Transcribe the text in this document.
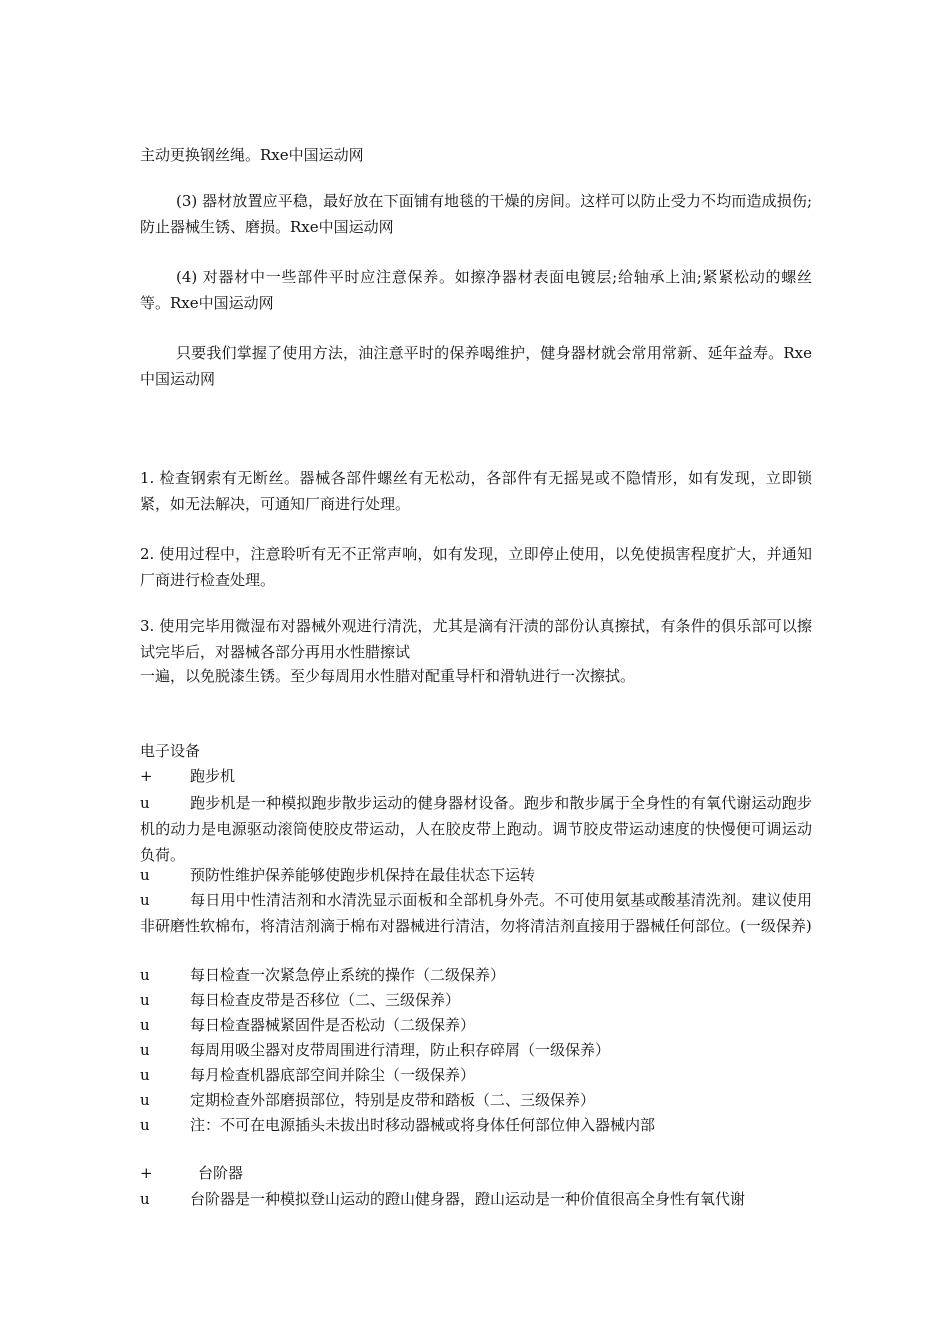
主动更换钢丝绳。Rxe中国运动网
(3) 器材放置应平稳，最好放在下面铺有地毯的干燥的房间。这样可以防止受力不均而造成损伤;防止器械生锈、磨损。Rxe中国运动网
(4) 对器材中一些部件平时应注意保养。如擦净器材表面电镀层;给轴承上油;紧紧松动的螺丝等。Rxe中国运动网
只要我们掌握了使用方法，油注意平时的保养喝维护，健身器材就会常用常新、延年益寿。Rxe中国运动网
1. 检查钢索有无断丝。器械各部件螺丝有无松动，各部件有无摇晃或不隐情形，如有发现，立即锁紧，如无法解决，可通知厂商进行处理。
2. 使用过程中，注意聆听有无不正常声响，如有发现，立即停止使用，以免使损害程度扩大，并通知厂商进行检查处理。
3. 使用完毕用微湿布对器械外观进行清洗，尤其是滴有汗渍的部份认真擦拭，有条件的俱乐部可以擦试完毕后，对器械各部分再用水性腊擦试
一遍，以免脱漆生锈。至少每周用水性腊对配重导杆和滑轨进行一次擦拭。
电子设备
+ 跑步机
u	跑步机是一种模拟跑步散步运动的健身器材设备。跑步和散步属于全身性的有氧代谢运动跑步机的动力是电源驱动滚筒使胶皮带运动，人在胶皮带上跑动。调节胶皮带运动速度的快慢便可调运动负荷。
u	预防性维护保养能够使跑步机保持在最佳状态下运转
u	每日用中性清洁剂和水清洗显示面板和全部机身外壳。不可使用氨基或酸基清洗剂。建议使用非研磨性软棉布，将清洁剂滴于棉布对器械进行清洁，勿将清洁剂直接用于器械任何部位。(一级保养)
u	每日检查一次紧急停止系统的操作（二级保养）
u	每日检查皮带是否移位（二、三级保养）
u	每日检查器械紧固件是否松动（二级保养）
u	每周用吸尘器对皮带周围进行清理，防止积存碎屑（一级保养）
u	每月检查机器底部空间并除尘（一级保养）
u	定期检查外部磨损部位，特别是皮带和踏板（二、三级保养）
u	注：不可在电源插头未拔出时移动器械或将身体任何部位伸入器械内部
+	台阶器
u	台阶器是一种模拟登山运动的蹬山健身器，蹬山运动是一种价值很高全身性有氧代谢
